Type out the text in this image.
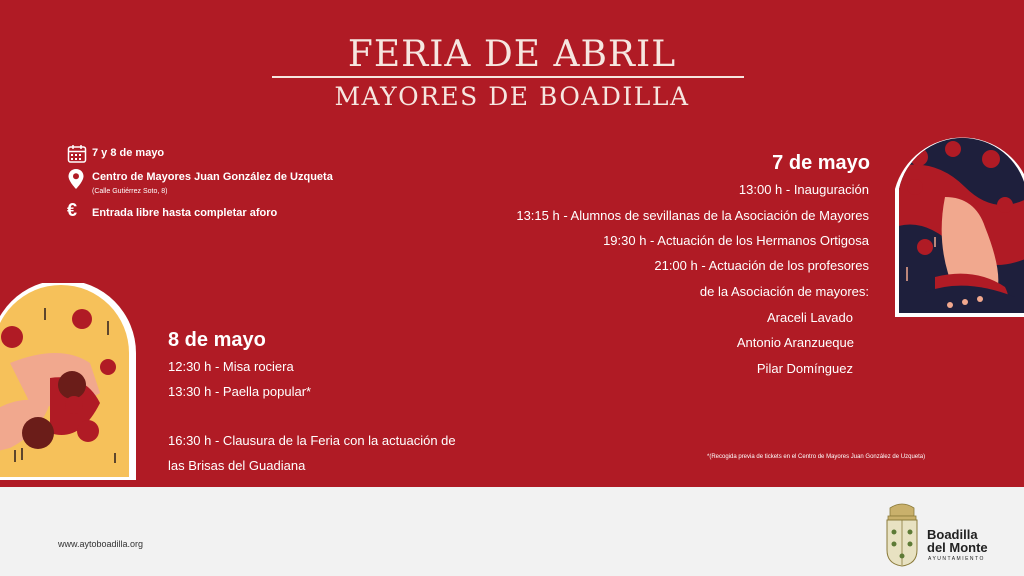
FERIA DE ABRIL
MAYORES DE BOADILLA
7 y 8 de mayo
Centro de Mayores Juan González de Uzqueta
(Calle Gutiérrez Soto, 8)
€ Entrada libre hasta completar aforo
7 de mayo
13:00 h - Inauguración
13:15 h - Alumnos de sevillanas de la Asociación de Mayores
19:30 h - Actuación de los Hermanos Ortigosa
21:00 h - Actuación de los profesores
de la Asociación de mayores:
Araceli Lavado
Antonio Aranzueque
Pilar Domínguez
8 de mayo
12:30 h - Misa rociera
13:30 h - Paella popular*
16:30 h - Clausura de la Feria con la actuación de
las Brisas del Guadiana
*(Recogida previa de tickets en el Centro de Mayores Juan González de Uzqueta)
www.aytoboadilla.org
Boadilla
del Monte
AYUNTAMIENTO
